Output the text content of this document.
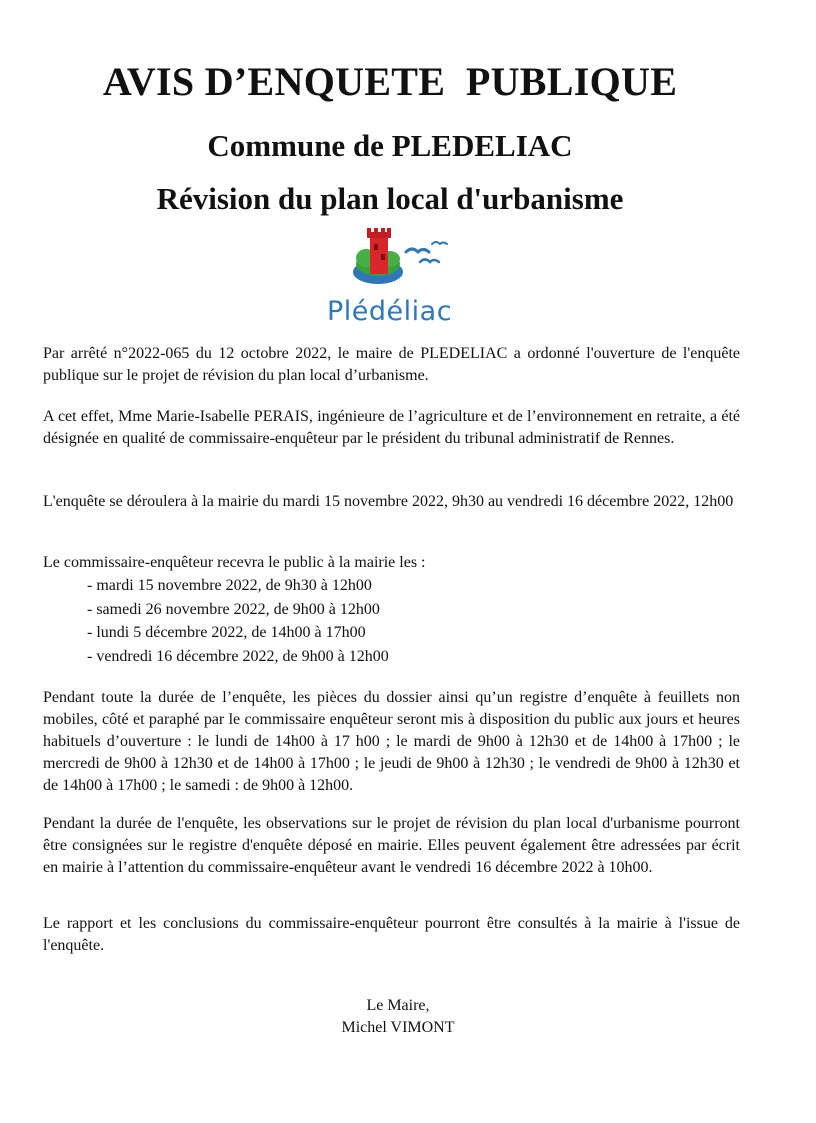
AVIS D’ENQUETE  PUBLIQUE
Commune de PLEDELIAC
Révision du plan local d'urbanisme
Plédéliac

Par arrêté n°2022-065 du 12 octobre 2022, le maire de PLEDELIAC a ordonné l'ouverture de l'enquête publique sur le projet de révision du plan local d’urbanisme.

A cet effet, Mme Marie-Isabelle PERAIS, ingénieure de l’agriculture et de l’environnement en retraite, a été désignée en qualité de commissaire-enquêteur par le président du tribunal administratif de Rennes.

L'enquête se déroulera à la mairie du mardi 15 novembre 2022, 9h30 au vendredi 16 décembre 2022, 12h00

Le commissaire-enquêteur recevra le public à la mairie les :
- mardi 15 novembre 2022, de 9h30 à 12h00
- samedi 26 novembre 2022, de 9h00 à 12h00
- lundi 5 décembre 2022, de 14h00 à 17h00
- vendredi 16 décembre 2022, de 9h00 à 12h00

Pendant toute la durée de l’enquête, les pièces du dossier ainsi qu’un registre d’enquête à feuillets non mobiles, côté et paraphé par le commissaire enquêteur seront mis à disposition du public aux jours et heures habituels d’ouverture : le lundi de 14h00 à 17 h00 ; le mardi de 9h00 à 12h30 et de 14h00 à 17h00 ; le mercredi de 9h00 à 12h30 et de 14h00 à 17h00 ; le jeudi de 9h00 à 12h30 ; le vendredi de 9h00 à 12h30 et de 14h00 à 17h00 ; le samedi : de 9h00 à 12h00.

Pendant la durée de l'enquête, les observations sur le projet de révision du plan local d'urbanisme pourront être consignées sur le registre d'enquête déposé en mairie. Elles peuvent également être adressées par écrit en mairie à l’attention du commissaire-enquêteur avant le vendredi 16 décembre 2022 à 10h00.

Le rapport et les conclusions du commissaire-enquêteur pourront être consultés à la mairie à l'issue de l'enquête.

Le Maire,
Michel VIMONT
